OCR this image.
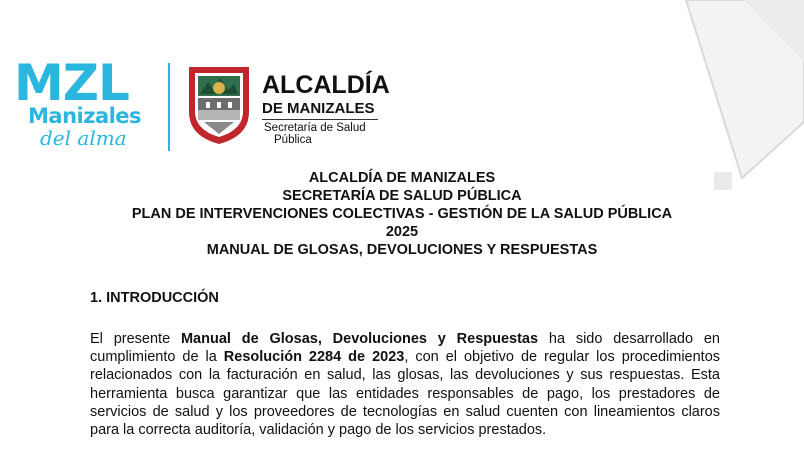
MZL
Manizales
del alma
ALCALDÍA
DE MANIZALES
Secretaría de Salud
Pública
ALCALDÍA DE MANIZALES
SECRETARÍA DE SALUD PÚBLICA
PLAN DE INTERVENCIONES COLECTIVAS - GESTIÓN DE LA SALUD PÚBLICA
2025
MANUAL DE GLOSAS, DEVOLUCIONES Y RESPUESTAS
1. INTRODUCCIÓN
El presente Manual de Glosas, Devoluciones y Respuestas ha sido desarrollado en cumplimiento de la Resolución 2284 de 2023, con el objetivo de regular los procedimientos relacionados con la facturación en salud, las glosas, las devoluciones y sus respuestas. Esta herramienta busca garantizar que las entidades responsables de pago, los prestadores de servicios de salud y los proveedores de tecnologías en salud cuenten con lineamientos claros para la correcta auditoría, validación y pago de los servicios prestados.
